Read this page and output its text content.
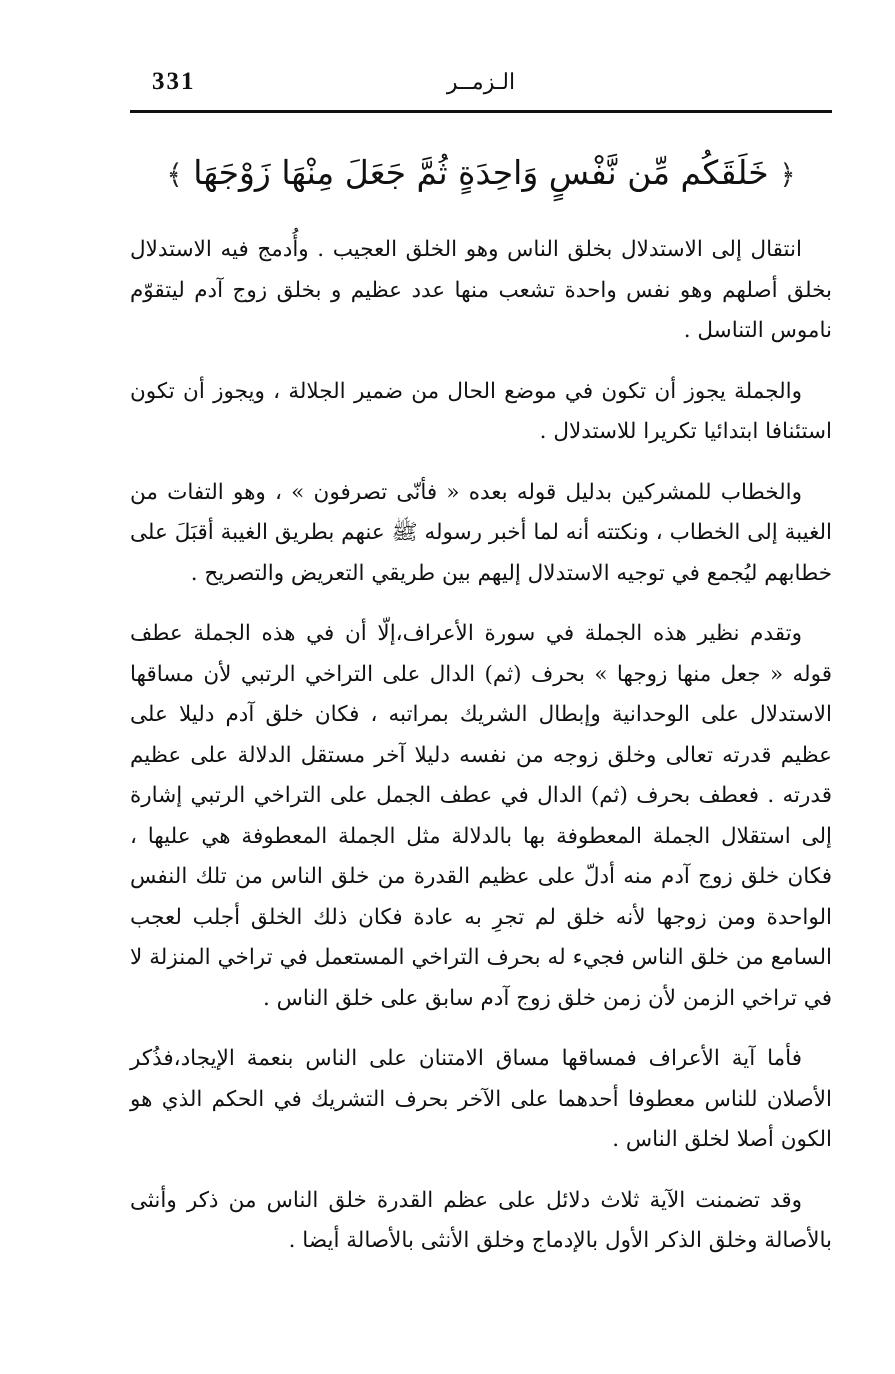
331	الـزمــر
﴿ خَلَقَكُم مِّن نَّفْسٍ وَاحِدَةٍ ثُمَّ جَعَلَ مِنْهَا زَوْجَهَا ﴾

انتقال إلى الاستدلال بخلق الناس وهو الخلق العجيب . وأُدمج فيه الاستدلال بخلق أصلهم وهو نفس واحدة تشعب منها عدد عظيم و بخلق زوج آدم ليتقوّم ناموس التناسل .

والجملة يجوز أن تكون في موضع الحال من ضمير الجلالة ، ويجوز أن تكون استئنافا ابتدائيا تكريرا للاستدلال .

والخطاب للمشركين بدليل قوله بعده « فأنّى تصرفون » ، وهو التفات من الغيبة إلى الخطاب ، ونكتته أنه لما أخبر رسوله ﷺ عنهم بطريق الغيبة أقبَلَ على خطابهم ليُجمع في توجيه الاستدلال إليهم بين طريقي التعريض والتصريح .

وتقدم نظير هذه الجملة في سورة الأعراف،إلّا أن في هذه الجملة عطف قوله « جعل منها زوجها » بحرف (ثم) الدال على التراخي الرتبي لأن مساقها الاستدلال على الوحدانية وإبطال الشريك بمراتبه ، فكان خلق آدم دليلا على عظيم قدرته تعالى وخلق زوجه من نفسه دليلا آخر مستقل الدلالة على عظيم قدرته . فعطف بحرف (ثم) الدال في عطف الجمل على التراخي الرتبي إشارة إلى استقلال الجملة المعطوفة بها بالدلالة مثل الجملة المعطوفة هي عليها ، فكان خلق زوج آدم منه أدلّ على عظيم القدرة من خلق الناس من تلك النفس الواحدة ومن زوجها لأنه خلق لم تجرِ به عادة فكان ذلك الخلق أجلب لعجب السامع من خلق الناس فجيء له بحرف التراخي المستعمل في تراخي المنزلة لا في تراخي الزمن لأن زمن خلق زوج آدم سابق على خلق الناس .

فأما آية الأعراف فمساقها مساق الامتنان على الناس بنعمة الإيجاد،فذُكر الأصلان للناس معطوفا أحدهما على الآخر بحرف التشريك في الحكم الذي هو الكون أصلا لخلق الناس .

وقد تضمنت الآية ثلاث دلائل على عظم القدرة خلق الناس من ذكر وأنثى بالأصالة وخلق الذكر الأول بالإدماج وخلق الأنثى بالأصالة أيضا .
